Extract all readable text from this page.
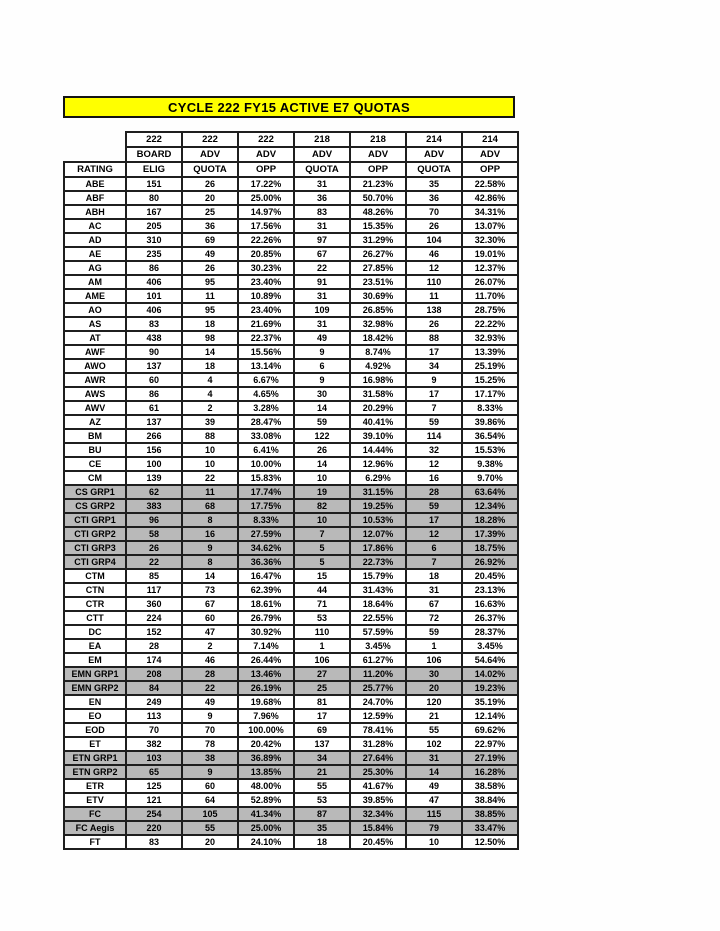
CYCLE 222 FY15 ACTIVE E7 QUOTAS
	222	222	222	218	218	214	214
	BOARD	ADV	ADV	ADV	ADV	ADV	ADV
RATING	ELIG	QUOTA	OPP	QUOTA	OPP	QUOTA	OPP
ABE	151	26	17.22%	31	21.23%	35	22.58%
ABF	80	20	25.00%	36	50.70%	36	42.86%
ABH	167	25	14.97%	83	48.26%	70	34.31%
AC	205	36	17.56%	31	15.35%	26	13.07%
AD	310	69	22.26%	97	31.29%	104	32.30%
AE	235	49	20.85%	67	26.27%	46	19.01%
AG	86	26	30.23%	22	27.85%	12	12.37%
AM	406	95	23.40%	91	23.51%	110	26.07%
AME	101	11	10.89%	31	30.69%	11	11.70%
AO	406	95	23.40%	109	26.85%	138	28.75%
AS	83	18	21.69%	31	32.98%	26	22.22%
AT	438	98	22.37%	49	18.42%	88	32.93%
AWF	90	14	15.56%	9	8.74%	17	13.39%
AWO	137	18	13.14%	6	4.92%	34	25.19%
AWR	60	4	6.67%	9	16.98%	9	15.25%
AWS	86	4	4.65%	30	31.58%	17	17.17%
AWV	61	2	3.28%	14	20.29%	7	8.33%
AZ	137	39	28.47%	59	40.41%	59	39.86%
BM	266	88	33.08%	122	39.10%	114	36.54%
BU	156	10	6.41%	26	14.44%	32	15.53%
CE	100	10	10.00%	14	12.96%	12	9.38%
CM	139	22	15.83%	10	6.29%	16	9.70%
CS GRP1	62	11	17.74%	19	31.15%	28	63.64%
CS GRP2	383	68	17.75%	82	19.25%	59	12.34%
CTI GRP1	96	8	8.33%	10	10.53%	17	18.28%
CTI GRP2	58	16	27.59%	7	12.07%	12	17.39%
CTI GRP3	26	9	34.62%	5	17.86%	6	18.75%
CTI GRP4	22	8	36.36%	5	22.73%	7	26.92%
CTM	85	14	16.47%	15	15.79%	18	20.45%
CTN	117	73	62.39%	44	31.43%	31	23.13%
CTR	360	67	18.61%	71	18.64%	67	16.63%
CTT	224	60	26.79%	53	22.55%	72	26.37%
DC	152	47	30.92%	110	57.59%	59	28.37%
EA	28	2	7.14%	1	3.45%	1	3.45%
EM	174	46	26.44%	106	61.27%	106	54.64%
EMN GRP1	208	28	13.46%	27	11.20%	30	14.02%
EMN GRP2	84	22	26.19%	25	25.77%	20	19.23%
EN	249	49	19.68%	81	24.70%	120	35.19%
EO	113	9	7.96%	17	12.59%	21	12.14%
EOD	70	70	100.00%	69	78.41%	55	69.62%
ET	382	78	20.42%	137	31.28%	102	22.97%
ETN GRP1	103	38	36.89%	34	27.64%	31	27.19%
ETN GRP2	65	9	13.85%	21	25.30%	14	16.28%
ETR	125	60	48.00%	55	41.67%	49	38.58%
ETV	121	64	52.89%	53	39.85%	47	38.84%
FC	254	105	41.34%	87	32.34%	115	38.85%
FC Aegis	220	55	25.00%	35	15.84%	79	33.47%
FT	83	20	24.10%	18	20.45%	10	12.50%
